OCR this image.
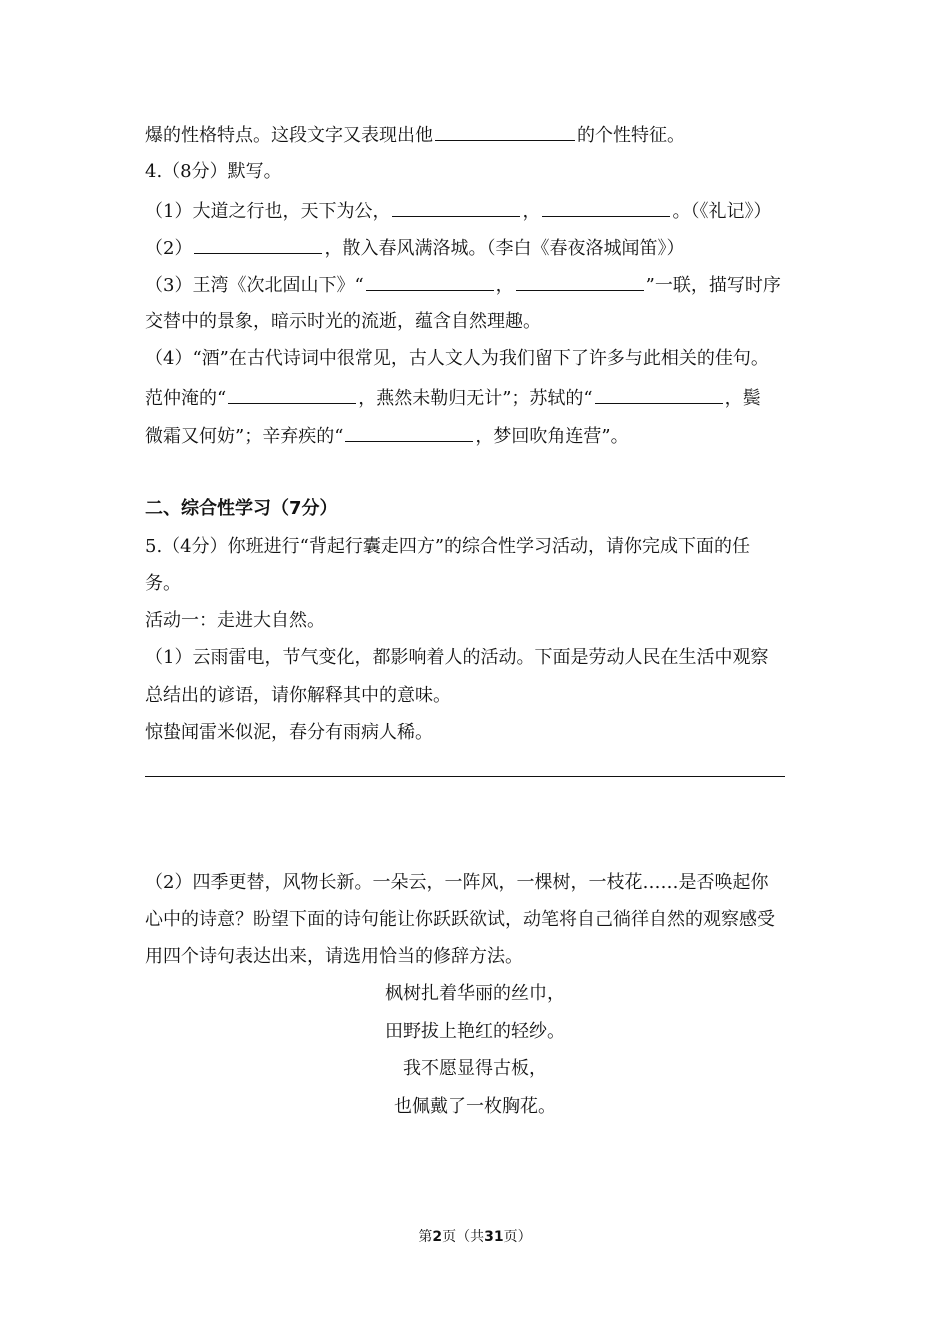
爆的性格特点。这段文字又表现出他	的个性特征。
4.（8分）默写。
（1）大道之行也，天下为公，	，	。（《礼记》）
（2）	，散入春风满洛城。（李白《春夜洛城闻笛》）
（3）王湾《次北固山下》“	，	”一联，描写时序
交替中的景象，暗示时光的流逝，蕴含自然理趣。
（4）“酒”在古代诗词中很常见，古人文人为我们留下了许多与此相关的佳句。
范仲淹的“	，燕然未勒归无计”；苏轼的“	，鬓
微霜又何妨”；辛弃疾的“	，梦回吹角连营”。
二、综合性学习（7分）
5.（4分）你班进行“背起行囊走四方”的综合性学习活动，请你完成下面的任
务。
活动一：走进大自然。
（1）云雨雷电，节气变化，都影响着人的活动。下面是劳动人民在生活中观察
总结出的谚语，请你解释其中的意味。
惊蛰闻雷米似泥，春分有雨病人稀。
（2）四季更替，风物长新。一朵云，一阵风，一棵树，一枝花……是否唤起你
心中的诗意？盼望下面的诗句能让你跃跃欲试，动笔将自己徜徉自然的观察感受
用四个诗句表达出来，请选用恰当的修辞方法。
枫树扎着华丽的丝巾，
田野拔上艳红的轻纱。
我不愿显得古板，
也佩戴了一枚胸花。
第2页（共31页）
